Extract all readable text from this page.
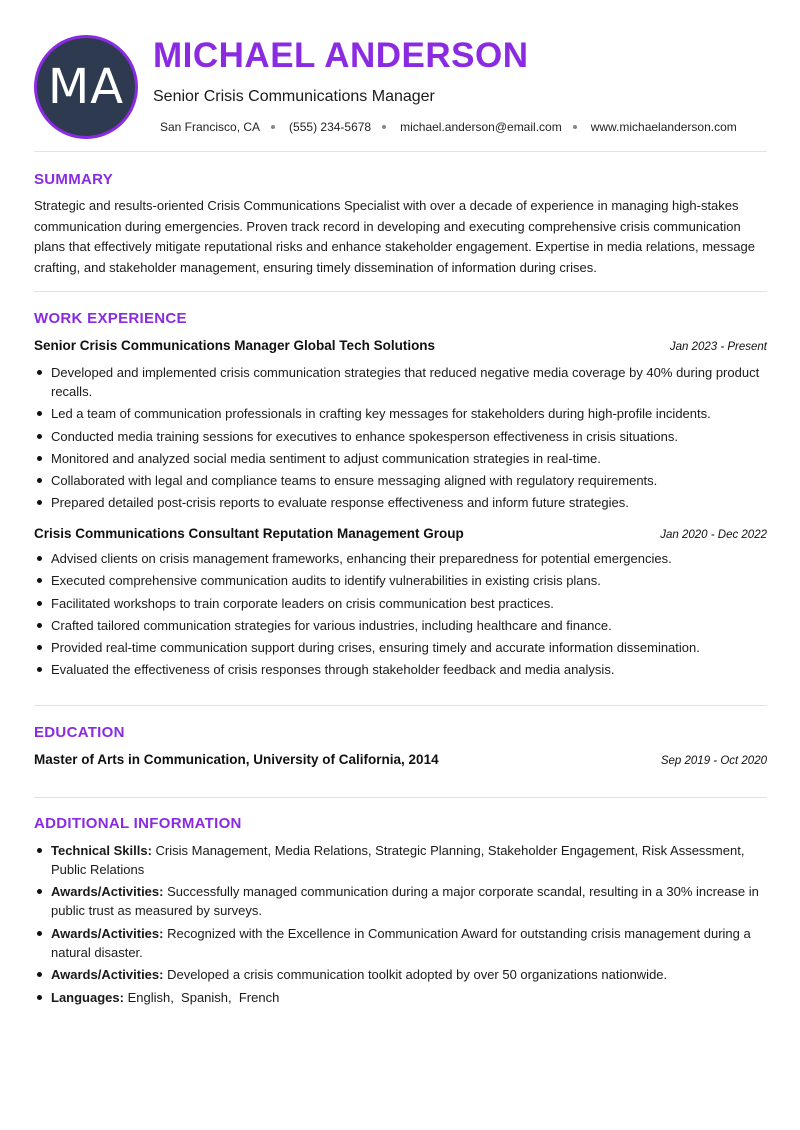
MA
MICHAEL ANDERSON
Senior Crisis Communications Manager
San Francisco, CA (555) 234-5678 michael.anderson@email.com www.michaelanderson.com
SUMMARY
Strategic and results-oriented Crisis Communications Specialist with over a decade of experience in managing high-stakes communication during emergencies. Proven track record in developing and executing comprehensive crisis communication plans that effectively mitigate reputational risks and enhance stakeholder engagement. Expertise in media relations, message crafting, and stakeholder management, ensuring timely dissemination of information during crises.
WORK EXPERIENCE
Senior Crisis Communications Manager Global Tech Solutions	Jan 2023 - Present
Developed and implemented crisis communication strategies that reduced negative media coverage by 40% during product recalls.
Led a team of communication professionals in crafting key messages for stakeholders during high-profile incidents.
Conducted media training sessions for executives to enhance spokesperson effectiveness in crisis situations.
Monitored and analyzed social media sentiment to adjust communication strategies in real-time.
Collaborated with legal and compliance teams to ensure messaging aligned with regulatory requirements.
Prepared detailed post-crisis reports to evaluate response effectiveness and inform future strategies.
Crisis Communications Consultant Reputation Management Group	Jan 2020 - Dec 2022
Advised clients on crisis management frameworks, enhancing their preparedness for potential emergencies.
Executed comprehensive communication audits to identify vulnerabilities in existing crisis plans.
Facilitated workshops to train corporate leaders on crisis communication best practices.
Crafted tailored communication strategies for various industries, including healthcare and finance.
Provided real-time communication support during crises, ensuring timely and accurate information dissemination.
Evaluated the effectiveness of crisis responses through stakeholder feedback and media analysis.
EDUCATION
Master of Arts in Communication, University of California, 2014	Sep 2019 - Oct 2020
ADDITIONAL INFORMATION
Technical Skills: Crisis Management, Media Relations, Strategic Planning, Stakeholder Engagement, Risk Assessment, Public Relations
Awards/Activities: Successfully managed communication during a major corporate scandal, resulting in a 30% increase in public trust as measured by surveys.
Awards/Activities: Recognized with the Excellence in Communication Award for outstanding crisis management during a natural disaster.
Awards/Activities: Developed a crisis communication toolkit adopted by over 50 organizations nationwide.
Languages: English,  Spanish,  French
